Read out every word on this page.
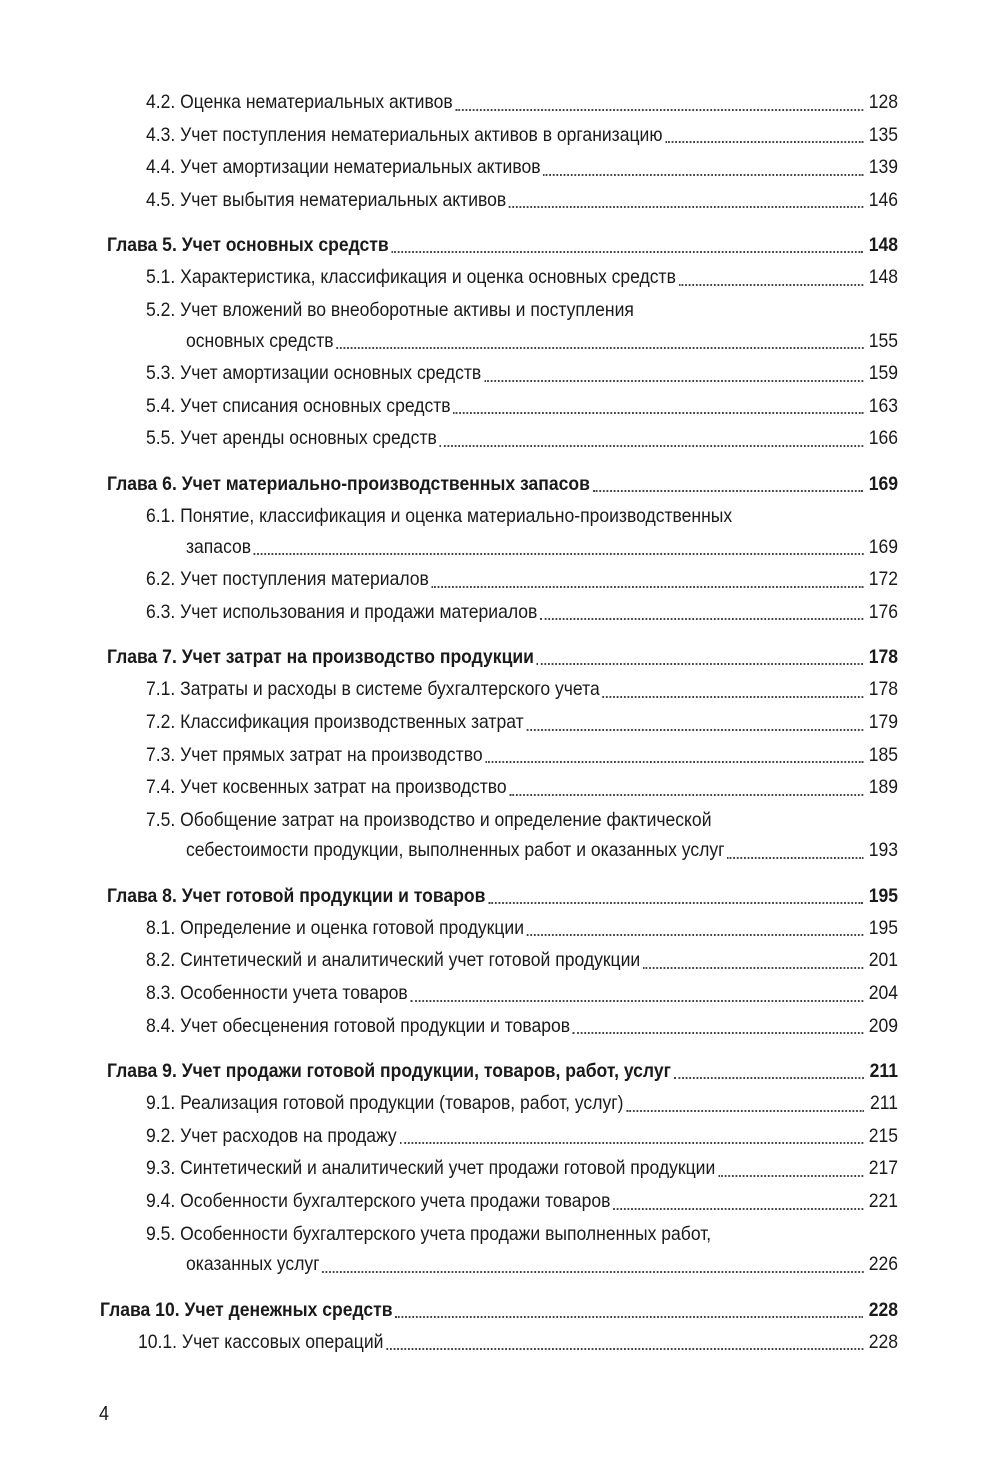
4.2. Оценка нематериальных активов	128
4.3. Учет поступления нематериальных активов в организацию	135
4.4. Учет амортизации нематериальных активов	139
4.5. Учет выбытия нематериальных активов	146
Глава 5. Учет основных средств	148
5.1. Характеристика, классификация и оценка основных средств	148
5.2. Учет вложений во внеоборотные активы и поступления
основных средств	155
5.3. Учет амортизации основных средств	159
5.4. Учет списания основных средств	163
5.5. Учет аренды основных средств	166
Глава 6. Учет материально-производственных запасов	169
6.1. Понятие, классификация и оценка материально-производственных
запасов	169
6.2. Учет поступления материалов	172
6.3. Учет использования и продажи материалов	176
Глава 7. Учет затрат на производство продукции	178
7.1. Затраты и расходы в системе бухгалтерского учета	178
7.2. Классификация производственных затрат	179
7.3. Учет прямых затрат на производство	185
7.4. Учет косвенных затрат на производство	189
7.5. Обобщение затрат на производство и определение фактической
себестоимости продукции, выполненных работ и оказанных услуг	193
Глава 8. Учет готовой продукции и товаров	195
8.1. Определение и оценка готовой продукции	195
8.2. Синтетический и аналитический учет готовой продукции	201
8.3. Особенности учета товаров	204
8.4. Учет обесценения готовой продукции и товаров	209
Глава 9. Учет продажи готовой продукции, товаров, работ, услуг	211
9.1. Реализация готовой продукции (товаров, работ, услуг)	211
9.2. Учет расходов на продажу	215
9.3. Синтетический и аналитический учет продажи готовой продукции	217
9.4. Особенности бухгалтерского учета продажи товаров	221
9.5. Особенности бухгалтерского учета продажи выполненных работ,
оказанных услуг	226
Глава 10. Учет денежных средств	228
10.1. Учет кассовых операций	228
4
